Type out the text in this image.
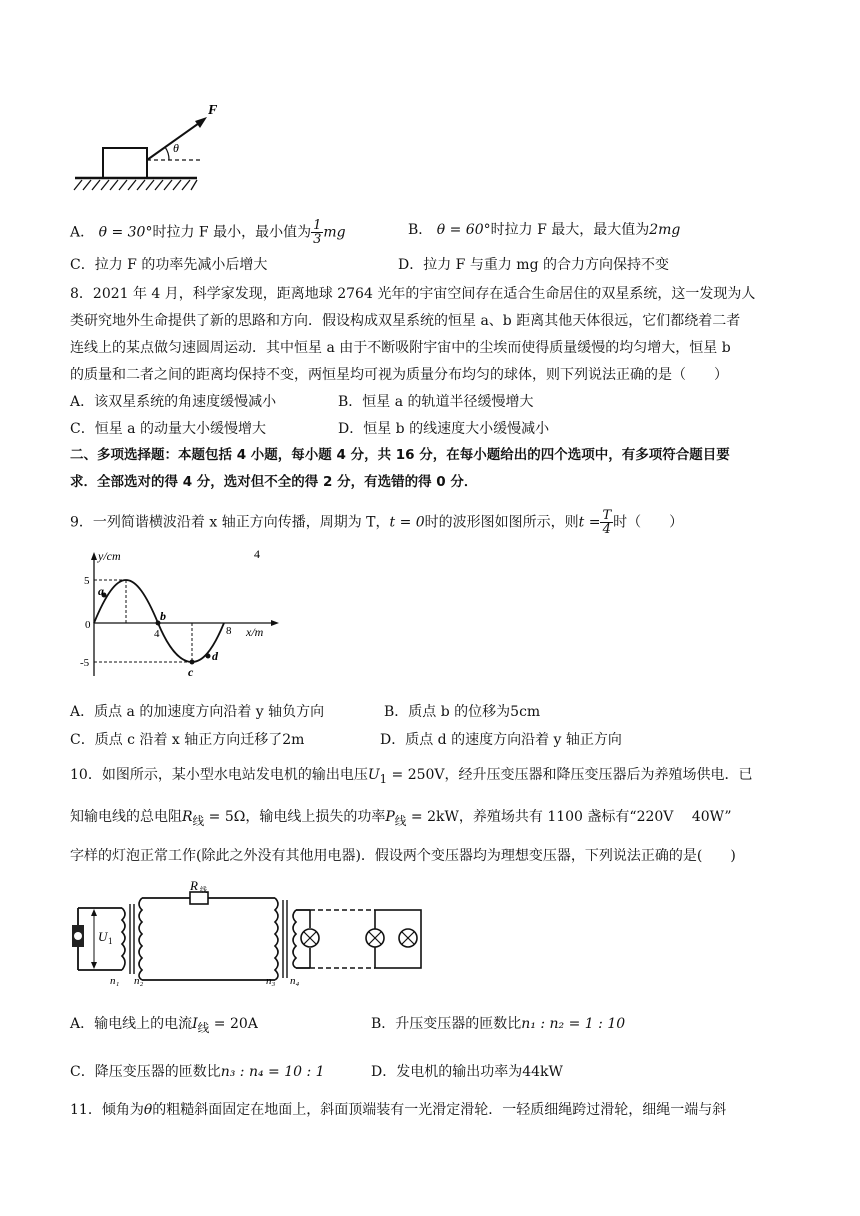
θ
F
A． θ = 30°时拉力 F 最小，最小值为 $\frac{1}{3}$ mg	B． θ = 60°时拉力 F 最大，最大值为2mg
C．拉力 F 的功率先减小后增大	D．拉力 F 与重力 mg 的合力方向保持不变
8．2021 年 4 月，科学家发现，距离地球 2764 光年的宇宙空间存在适合生命居住的双星系统，这一发现为人
类研究地外生命提供了新的思路和方向．假设构成双星系统的恒星 a、b 距离其他天体很远，它们都绕着二者
连线上的某点做匀速圆周运动．其中恒星 a 由于不断吸附宇宙中的尘埃而使得质量缓慢的均匀增大，恒星 b
的质量和二者之间的距离均保持不变，两恒星均可视为质量分布均匀的球体，则下列说法正确的是（　　）
A．该双星系统的角速度缓慢减小	B．恒星 a 的轨道半径缓慢增大
C．恒星 a 的动量大小缓慢增大	D．恒星 b 的线速度大小缓慢减小
二、多项选择题：本题包括 4 小题，每小题 4 分，共 16 分，在每小题给出的四个选项中，有多项符合题目要
求．全部选对的得 4 分，选对但不全的得 2 分，有选错的得 0 分．
9．一列简谐横波沿着 x 轴正方向传播，周期为 T，t = 0时的波形图如图所示，则$t = \frac{T}{4}$ 时（　　）
y/cm	4
5
0
-5
4	8 x/m
a
b
c
d
A．质点 a 的加速度方向沿着 y 轴负方向	B．质点 b 的位移为5cm
C．质点 c 沿着 x 轴正方向迁移了2m	D．质点 d 的速度方向沿着 y 轴正方向
10．如图所示，某小型水电站发电机的输出电压$U_1 = 250V$，经升压变压器和降压变压器后为养殖场供电．已
知输电线的总电阻$R_线 = 5\Omega$，输电线上损失的功率$P_线 = 2kW$，养殖场共有 1100 盏标有“220V　 40W”
字样的灯泡正常工作(除此之外没有其他用电器)．假设两个变压器均为理想变压器，下列说法正确的是(　　)
U 1
R 线
n₁ n₂	n₃ n₄
A．输电线上的电流$I_线 = 20A$	B．升压变压器的匝数比n₁ : n₂ = 1 : 10
C．降压变压器的匝数比n₃ : n₄ = 10 : 1	D．发电机的输出功率为44kW
11．倾角为θ的粗糙斜面固定在地面上，斜面顶端装有一光滑定滑轮．一轻质细绳跨过滑轮，细绳一端与斜
